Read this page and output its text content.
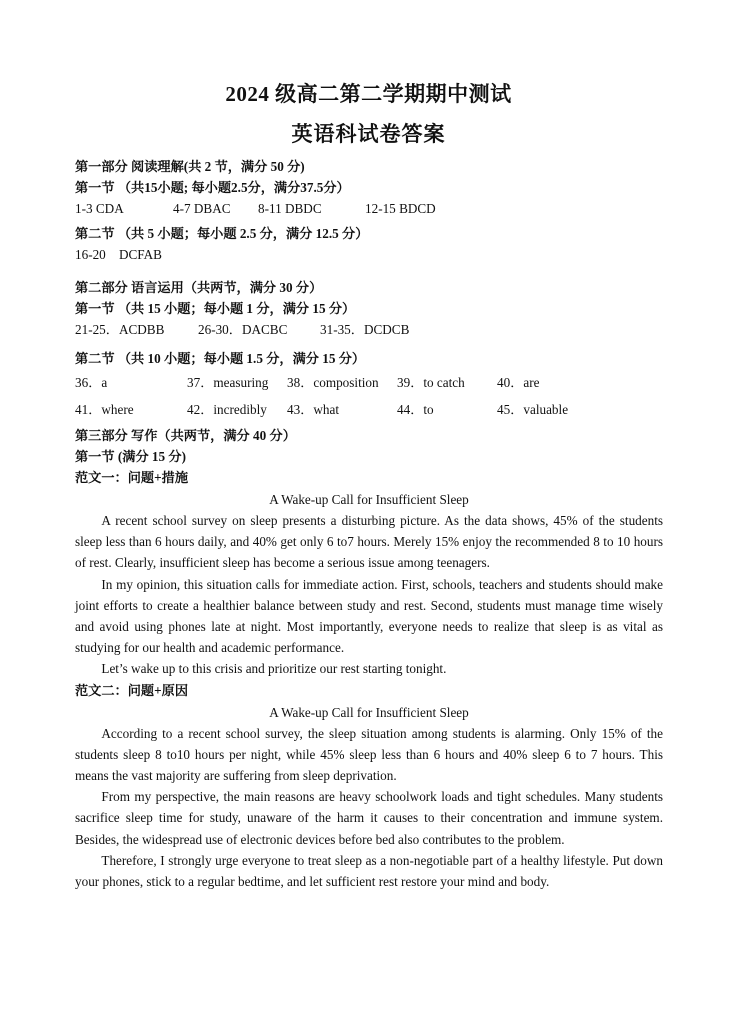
2024 级高二第二学期期中测试
英语科试卷答案
第一部分 阅读理解(共 2 节，满分 50 分)
第一节 （共15小题; 每小题2.5分，满分37.5分）
1-3 CDA	4-7 DBAC 8-11 DBDC	12-15 BDCD
第二节 （共 5 小题；每小题 2.5 分，满分 12.5 分）
16-20    DCFAB
第二部分 语言运用（共两节，满分 30 分）
第一节 （共 15 小题；每小题 1 分，满分 15 分）
21-25．ACDBB	26-30．DACBC 31-35．DCDCB
第二节 （共 10 小题；每小题 1.5 分，满分 15 分）
36．a	37．measuring	38．composition	39．to catch	40．are
41．where	42．incredibly	43．what	44．to	45．valuable
第三部分 写作（共两节，满分 40 分）
第一节 (满分 15 分)
范文一：问题+措施
A Wake-up Call for Insufficient Sleep

A recent school survey on sleep presents a disturbing picture. As the data shows, 45% of the students sleep less than 6 hours daily, and 40% get only 6 to7 hours. Merely 15% enjoy the recommended 8 to 10 hours of rest. Clearly, insufficient sleep has become a serious issue among teenagers.

In my opinion, this situation calls for immediate action. First, schools, teachers and students should make joint efforts to create a healthier balance between study and rest. Second, students must manage time wisely and avoid using phones late at night. Most importantly, everyone needs to realize that sleep is as vital as studying for our health and academic performance.

Let’s wake up to this crisis and prioritize our rest starting tonight.

范文二：问题+原因
A Wake-up Call for Insufficient Sleep

According to a recent school survey, the sleep situation among students is alarming. Only 15% of the students sleep 8 to10 hours per night, while 45% sleep less than 6 hours and 40% sleep 6 to 7 hours. This means the vast majority are suffering from sleep deprivation.

From my perspective, the main reasons are heavy schoolwork loads and tight schedules. Many students sacrifice sleep time for study, unaware of the harm it causes to their concentration and immune system. Besides, the widespread use of electronic devices before bed also contributes to the problem.

Therefore, I strongly urge everyone to treat sleep as a non-negotiable part of a healthy lifestyle. Put down your phones, stick to a regular bedtime, and let sufficient rest restore your mind and body.
